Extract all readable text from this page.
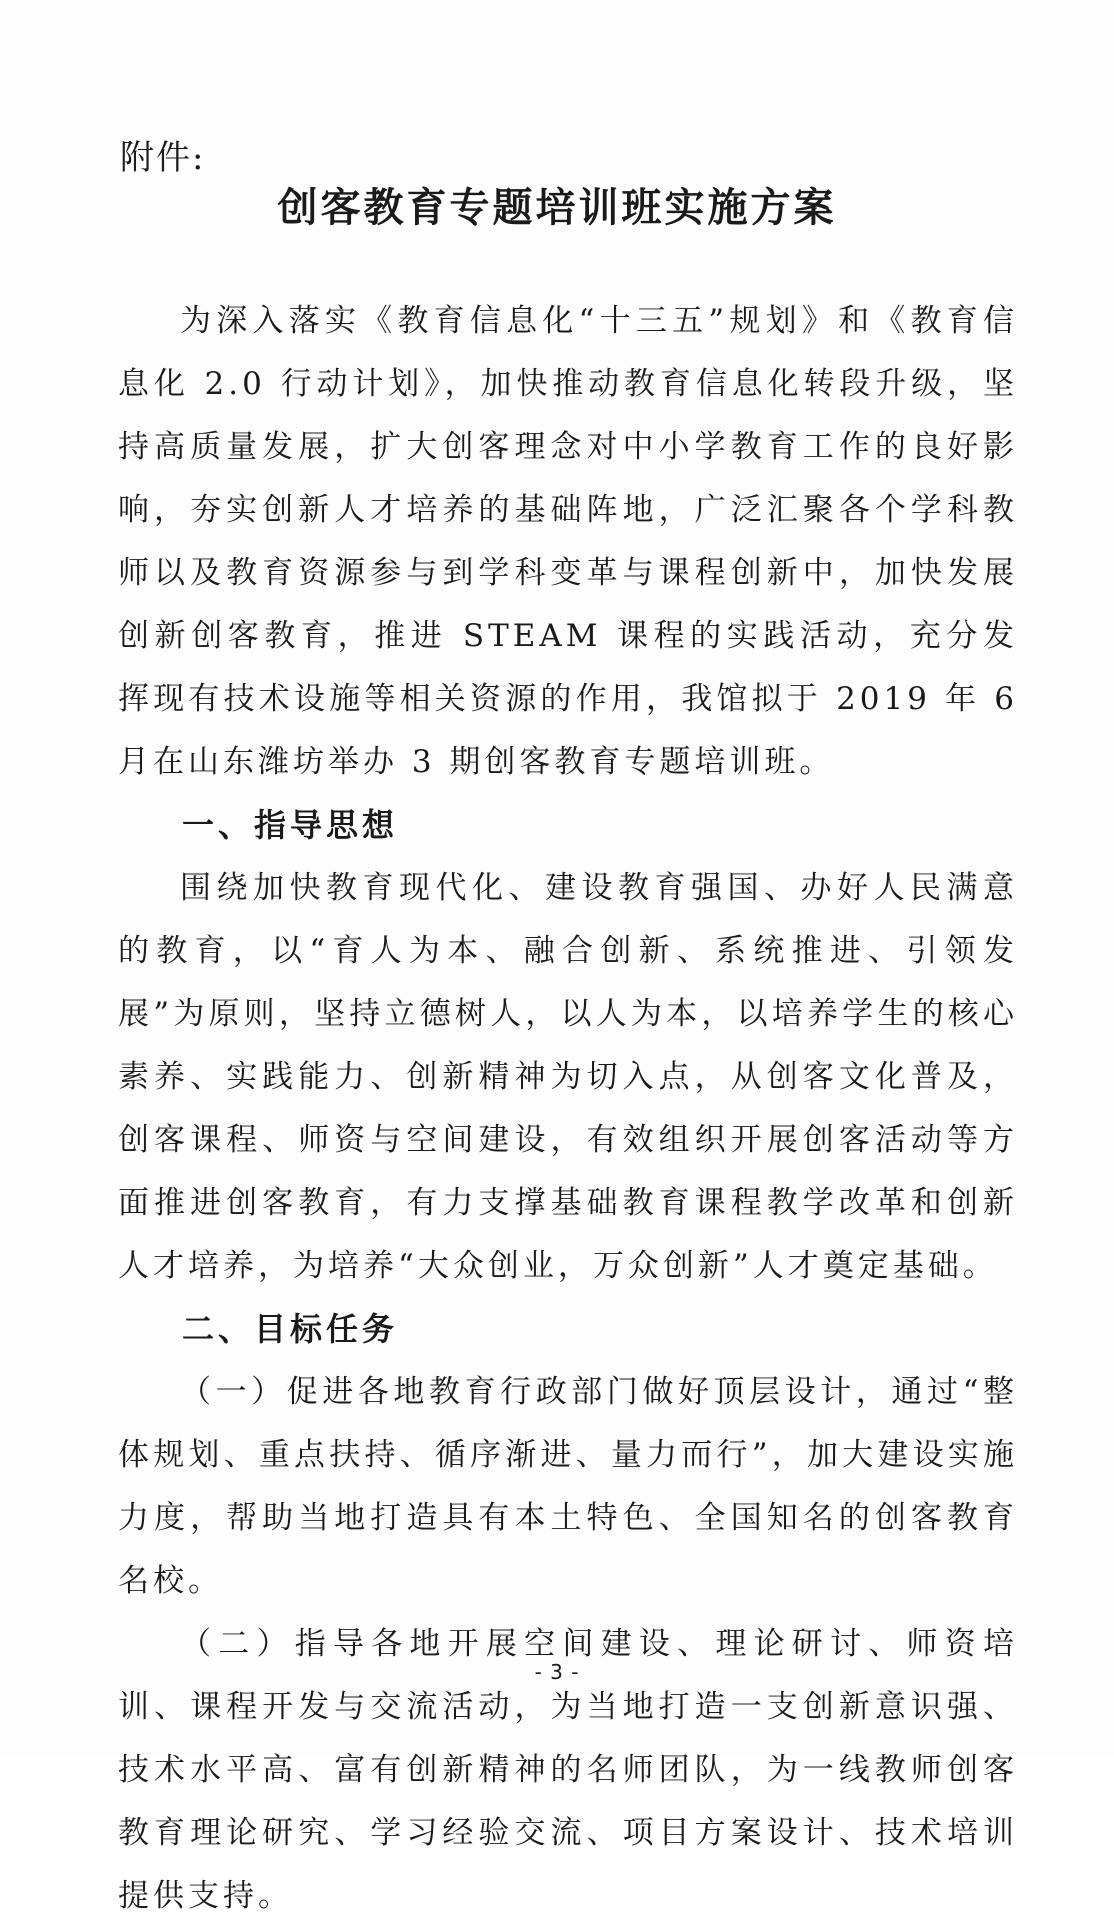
附件:
创客教育专题培训班实施方案

为深入落实《教育信息化“十三五”规划》和《教育信息化 2.0 行动计划》，加快推动教育信息化转段升级，坚持高质量发展，扩大创客理念对中小学教育工作的良好影响，夯实创新人才培养的基础阵地，广泛汇聚各个学科教师以及教育资源参与到学科变革与课程创新中，加快发展创新创客教育，推进 STEAM 课程的实践活动，充分发挥现有技术设施等相关资源的作用，我馆拟于 2019 年 6 月在山东潍坊举办 3 期创客教育专题培训班。

一、指导思想

围绕加快教育现代化、建设教育强国、办好人民满意的教育，以“育人为本、融合创新、系统推进、引领发展”为原则，坚持立德树人，以人为本，以培养学生的核心素养、实践能力、创新精神为切入点，从创客文化普及，创客课程、师资与空间建设，有效组织开展创客活动等方面推进创客教育，有力支撑基础教育课程教学改革和创新人才培养，为培养“大众创业，万众创新”人才奠定基础。

二、目标任务

（一）促进各地教育行政部门做好顶层设计，通过“整体规划、重点扶持、循序渐进、量力而行”，加大建设实施力度，帮助当地打造具有本土特色、全国知名的创客教育名校。

（二）指导各地开展空间建设、理论研讨、师资培训、课程开发与交流活动，为当地打造一支创新意识强、技术水平高、富有创新精神的名师团队，为一线教师创客教育理论研究、学习经验交流、项目方案设计、技术培训提供支持。

- 3 -
